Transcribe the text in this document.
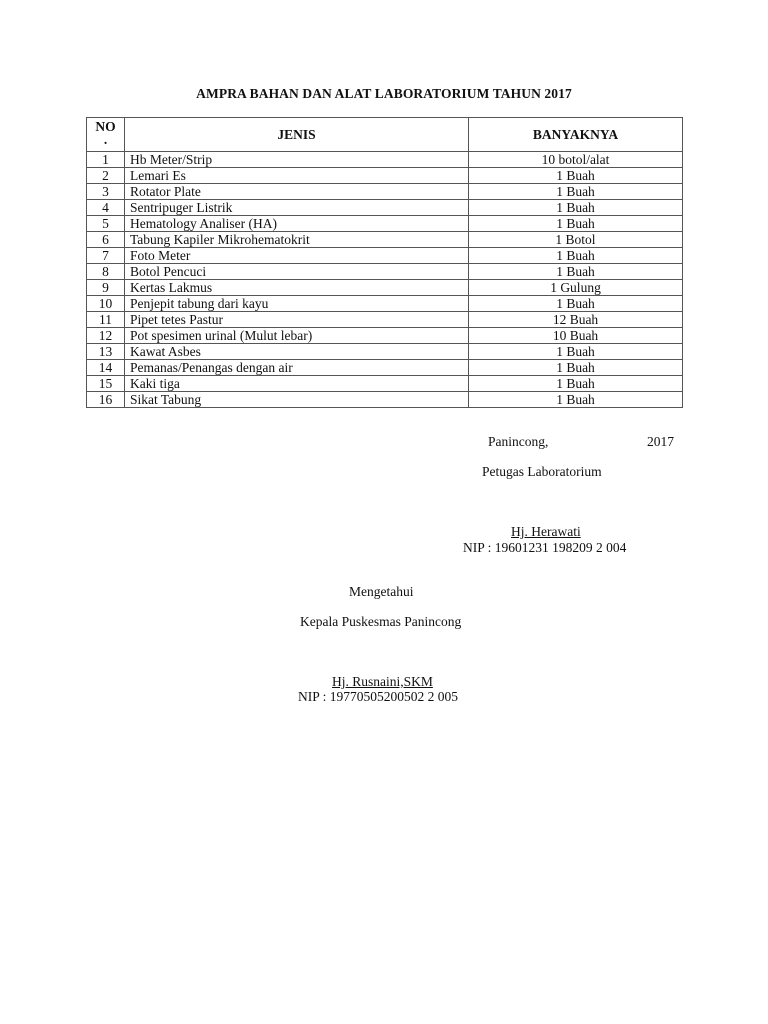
AMPRA BAHAN DAN ALAT LABORATORIUM TAHUN 2017
NO
.	JENIS	BANYAKNYA
1	Hb Meter/Strip	10 botol/alat
2	Lemari Es	1 Buah
3	Rotator Plate	1 Buah
4	Sentripuger Listrik	1 Buah
5	Hematology Analiser (HA)	1 Buah
6	Tabung Kapiler Mikrohematokrit	1 Botol
7	Foto Meter	1 Buah
8	Botol Pencuci	1 Buah
9	Kertas Lakmus	1 Gulung
10	Penjepit tabung dari kayu	1 Buah
11	Pipet tetes Pastur	12 Buah
12	Pot spesimen urinal (Mulut lebar)	10 Buah
13	Kawat Asbes	1 Buah
14	Pemanas/Penangas dengan air	1 Buah
15	Kaki tiga	1 Buah
16	Sikat Tabung	1 Buah
Panincong,	2017
Petugas Laboratorium
Hj. Herawati
NIP : 19601231 198209 2 004
Mengetahui
Kepala Puskesmas Panincong
Hj. Rusnaini,SKM
NIP : 19770505200502 2 005
